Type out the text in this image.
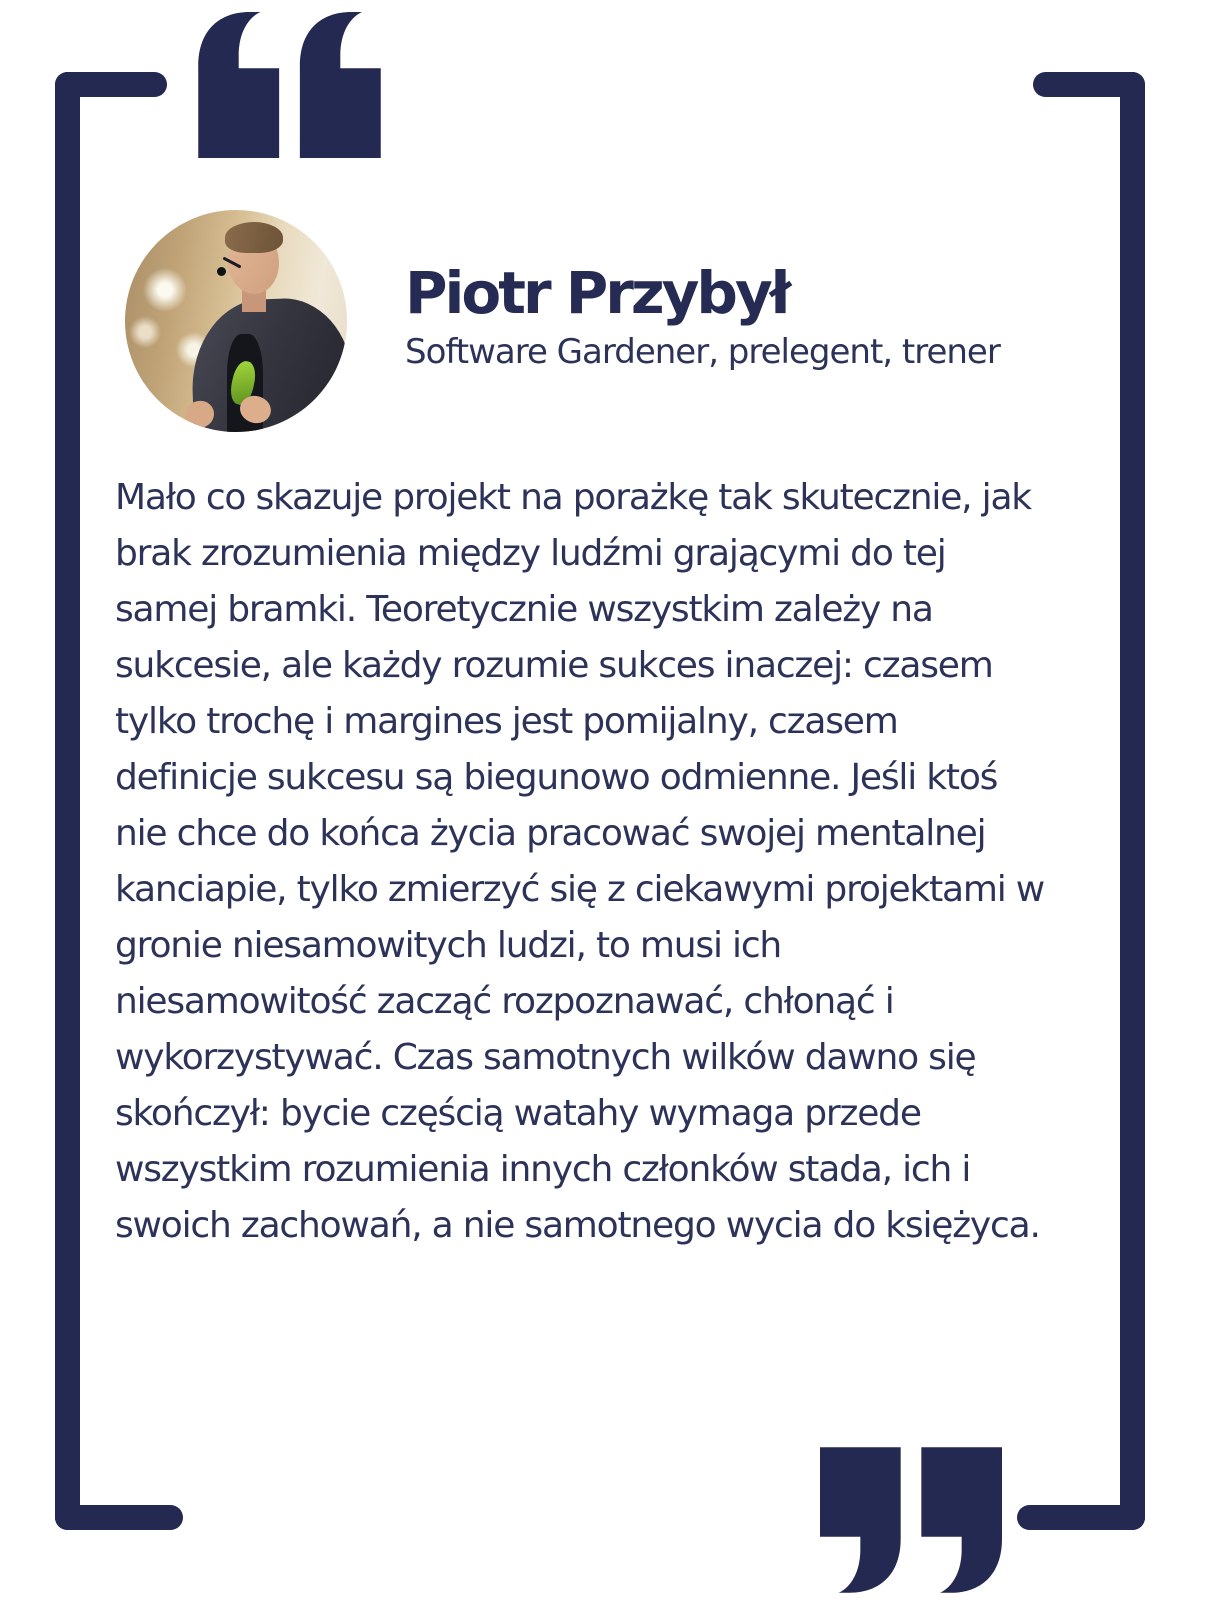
Piotr Przybył

Software Gardener, prelegent, trener

Mało co skazuje projekt na porażkę tak skutecznie, jak
brak zrozumienia między ludźmi grającymi do tej
samej bramki. Teoretycznie wszystkim zależy na
sukcesie, ale każdy rozumie sukces inaczej: czasem
tylko trochę i margines jest pomijalny, czasem
definicje sukcesu są biegunowo odmienne. Jeśli ktoś
nie chce do końca życia pracować swojej mentalnej
kanciapie, tylko zmierzyć się z ciekawymi projektami w
gronie niesamowitych ludzi, to musi ich
niesamowitość zacząć rozpoznawać, chłonąć i
wykorzystywać. Czas samotnych wilków dawno się
skończył: bycie częścią watahy wymaga przede
wszystkim rozumienia innych członków stada, ich i
swoich zachowań, a nie samotnego wycia do księżyca.
